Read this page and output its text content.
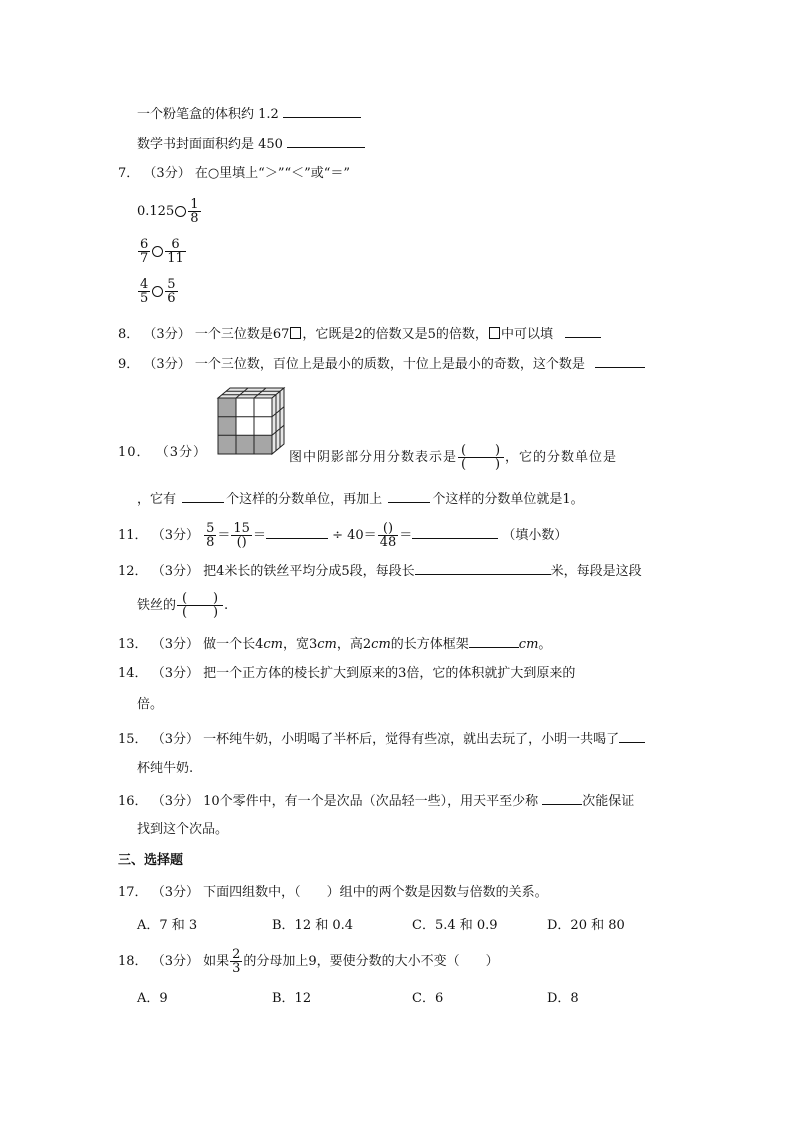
一个粉笔盒的体积约 1.2
数学书封面面积约是 450
7． （3分） 在○里填上“＞”“＜”或“＝”
$0.125 \frac{1}{8}$
$\frac{6}{7} \frac{6}{11}$
$\frac{4}{5} \frac{5}{6}$
8． （3分） 一个三位数是67 ，它既是2的倍数又是5的倍数， 中可以填
9． （3分） 一个三位数，百位上是最小的质数，十位上是最小的奇数，这个数是
10． （3分）	图中阴影部分用分数表示是 $\frac{( )}{( )}$ ，它的分数单位是
，它有	个这样的分数单位，再加上	个这样的分数单位就是1。
11． （3分） $\frac{5}{8} = \frac{15}{()}$ ＝	÷ $40= \frac{()}{48}$ ＝	（填小数）
12． （3分） 把4米长的铁丝平均分成5段，每段长	米，每段是这段
铁丝的 $\frac{( )}{( )}$ .
13． （3分） 做一个长4cm，宽3cm，高2cm的长方体框架	cm。
14． （3分） 把一个正方体的棱长扩大到原来的3倍，它的体积就扩大到原来的
倍。
15． （3分） 一杯纯牛奶，小明喝了半杯后，觉得有些凉，就出去玩了，小明一共喝了
杯纯牛奶.
16． （3分） 10个零件中，有一个是次品（次品轻一些），用天平至少称	次能保证
找到这个次品。
三、选择题
17． （3分） 下面四组数中，（　　）组中的两个数是因数与倍数的关系。
A．7 和 3	B．12 和 0.4	C．5.4 和 0.9	D．20 和 80
18． （3分） 如果 $\frac{2}{3}$ 的分母加上9，要使分数的大小不变（　　）
A．9	B．12	C．6	D．8
